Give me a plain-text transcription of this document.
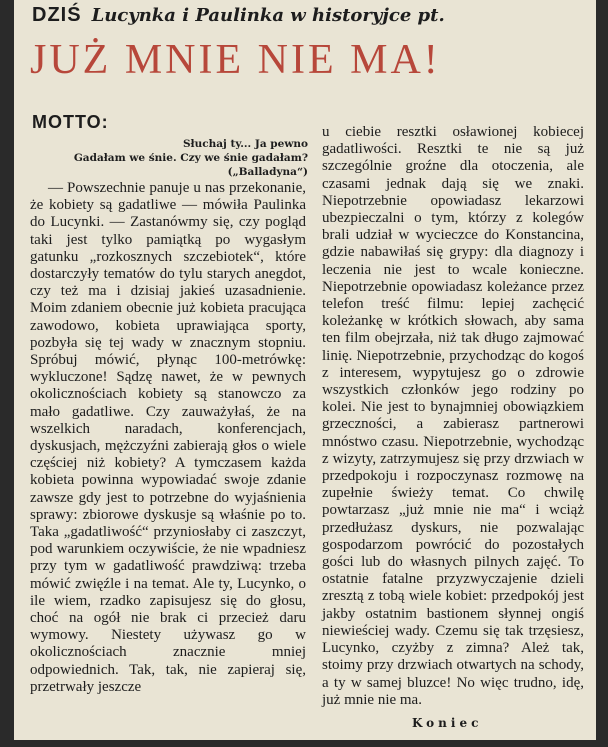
DZIŚ Lucynka i Paulinka w historyjce pt.
JUŻ MNIE NIE MA!
MOTTO:
Słuchaj ty... Ja pewno
Gadałam we śnie. Czy we śnie gadałam?
(„Balladyna“)

— Powszechnie panuje u nas przekonanie, że kobiety są gadatliwe — mówiła Paulinka do Lucynki. — Zastanówmy się, czy pogląd taki jest tylko pamiątką po wygasłym gatunku „rozkosznych szczebiotek“, które dostarczyły tematów do tylu starych anegdot, czy też ma i dzisiaj jakieś uzasadnienie. Moim zdaniem obecnie już kobieta pracująca zawodowo, kobieta uprawiająca sporty, pozbyła się tej wady w znacznym stopniu. Spróbuj mówić, płynąc 100-metrówkę: wykluczone! Sądzę nawet, że w pewnych okolicznościach kobiety są stanowczo za mało gadatliwe. Czy zauważyłaś, że na wszelkich naradach, konferencjach, dyskusjach, mężczyźni zabierają głos o wiele częściej niż kobiety? A tymczasem każda kobieta powinna wypowiadać swoje zdanie zawsze gdy jest to potrzebne do wyjaśnienia sprawy: zbiorowe dyskusje są właśnie po to. Taka „gadatliwość“ przyniosłaby ci zaszczyt, pod warunkiem oczywiście, że nie wpadniesz przy tym w gadatliwość prawdziwą: trzeba mówić zwięźle i na temat. Ale ty, Lucynko, o ile wiem, rzadko zapisujesz się do głosu, choć na ogół nie brak ci przecież daru wymowy. Niestety używasz go w okolicznościach znacznie mniej odpowiednich. Tak, tak, nie zapieraj się, przetrwały jeszcze

u ciebie resztki osławionej kobiecej gadatliwości. Resztki te nie są już szczególnie groźne dla otoczenia, ale czasami jednak dają się we znaki. Niepotrzebnie opowiadasz lekarzowi ubezpieczalni o tym, którzy z kolegów brali udział w wycieczce do Konstancina, gdzie nabawiłaś się grypy: dla diagnozy i leczenia nie jest to wcale konieczne. Niepotrzebnie opowiadasz koleżance przez telefon treść filmu: lepiej zachęcić koleżankę w krótkich słowach, aby sama ten film obejrzała, niż tak długo zajmować linię. Niepotrzebnie, przychodząc do kogoś z interesem, wypytujesz go o zdrowie wszystkich członków jego rodziny po kolei. Nie jest to bynajmniej obowiązkiem grzeczności, a zabierasz partnerowi mnóstwo czasu. Niepotrzebnie, wychodząc z wizyty, zatrzymujesz się przy drzwiach w przedpokoju i rozpoczynasz rozmowę na zupełnie świeży temat. Co chwilę powtarzasz „już mnie nie ma“ i wciąż przedłużasz dyskurs, nie pozwalając gospodarzom powrócić do pozostałych gości lub do własnych pilnych zajęć. To ostatnie fatalne przyzwyczajenie dzieli zresztą z tobą wiele kobiet: przedpokój jest jakby ostatnim bastionem słynnej ongiś niewieściej wady. Czemu się tak trzęsiesz, Lucynko, czyżby z zimna? Ależ tak, stoimy przy drzwiach otwartych na schody, a ty w samej bluzce! No więc trudno, idę, już mnie nie ma.

Koniec
